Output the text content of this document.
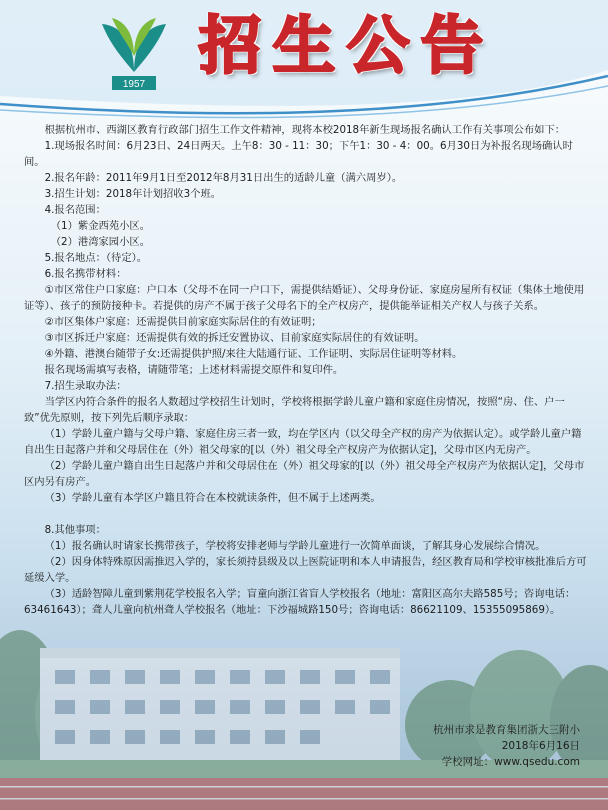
1957
招生公告

根据杭州市、西湖区教育行政部门招生工作文件精神，现将本校2018年新生现场报名确认工作有关事项公布如下：

1.现场报名时间：6月23日、24日两天。上午8：30 - 11：30；下午1：30 - 4：00。6月30日为补报名现场确认时间。

2.报名年龄：2011年9月1日至2012年8月31日出生的适龄儿童（满六周岁）。

3.招生计划：2018年计划招收3个班。

4.报名范围：

（1）紫金西苑小区。

（2）港湾家园小区。

5.报名地点：（待定）。

6.报名携带材料：

①市区常住户口家庭：户口本（父母不在同一户口下，需提供结婚证）、父母身份证、家庭房屋所有权证（集体土地使用证等）、孩子的预防接种卡。若提供的房产不属于孩子父母名下的全产权房产，提供能举证相关产权人与孩子关系。

②市区集体户家庭：还需提供目前家庭实际居住的有效证明；

③市区拆迁户家庭：还需提供有效的拆迁安置协议、目前家庭实际居住的有效证明。

④外籍、港澳台随带子女:还需提供护照/来往大陆通行证、工作证明、实际居住证明等材料。

报名现场需填写表格，请随带笔；上述材料需提交原件和复印件。

7.招生录取办法：

当学区内符合条件的报名人数超过学校招生计划时，学校将根据学龄儿童户籍和家庭住房情况，按照“房、住、户一致”优先原则，按下列先后顺序录取：

（1）学龄儿童户籍与父母户籍、家庭住房三者一致，均在学区内（以父母全产权的房产为依据认定）。或学龄儿童户籍自出生日起落户并和父母居住在（外）祖父母家的[以（外）祖父母全产权房产为依据认定]，父母市区内无房产。

（2）学龄儿童户籍自出生日起落户并和父母居住在（外）祖父母家的[以（外）祖父母全产权房产为依据认定]，父母市区内另有房产。

（3）学龄儿童有本学区户籍且符合在本校就读条件，但不属于上述两类。

8.其他事项：

（1）报名确认时请家长携带孩子，学校将安排老师与学龄儿童进行一次简单面谈，了解其身心发展综合情况。

（2）因身体特殊原因需推迟入学的，家长须持县级及以上医院证明和本人申请报告，经区教育局和学校审核批准后方可延缓入学。

（3）适龄智障儿童到紫荆花学校报名入学；盲童向浙江省盲人学校报名（地址：富阳区高尔夫路585号；咨询电话：63461643）；聋人儿童向杭州聋人学校报名（地址：下沙福城路150号；咨询电话：86621109、15355095869）。

杭州市求是教育集团浙大三附小
2018年6月16日
学校网址：www.qsedu.com
